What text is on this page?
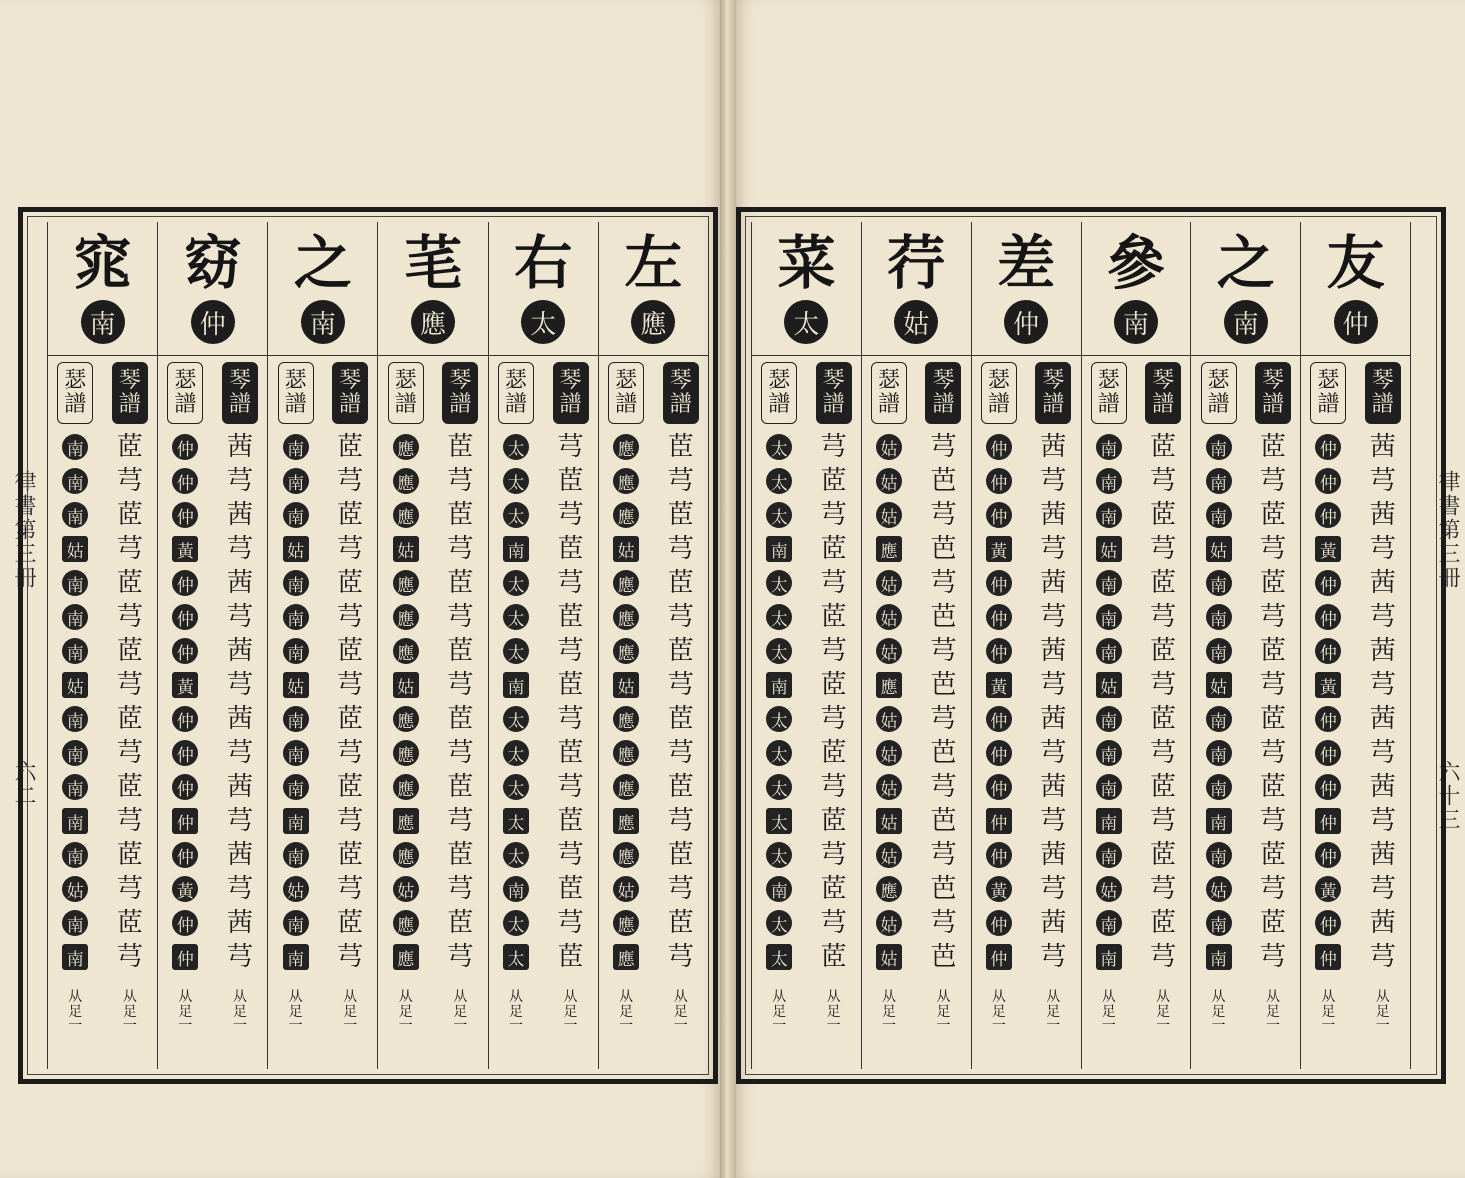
律書第三冊
六二
律書第三冊
六十三
左
應
琴
譜
茞
芎
茞
芎
茞
芎
茞
芎
茞
芎
茞
芎
茞
芎
茞
芎
从
足
一
瑟
譜
應
應
應
姑
應
應
應
姑
應
應
應
應
應
姑
應
應
从
足
一
右
太
琴
譜
芎
茞
芎
茞
芎
茞
芎
茞
芎
茞
芎
茞
芎
茞
芎
茞
从
足
一
瑟
譜
太
太
太
南
太
太
太
南
太
太
太
太
太
南
太
太
从
足
一
芼
應
琴
譜
茞
芎
茞
芎
茞
芎
茞
芎
茞
芎
茞
芎
茞
芎
茞
芎
从
足
一
瑟
譜
應
應
應
姑
應
應
應
姑
應
應
應
應
應
姑
應
應
从
足
一
之
南
琴
譜
茝
芎
茝
芎
茝
芎
茝
芎
茝
芎
茝
芎
茝
芎
茝
芎
从
足
一
瑟
譜
南
南
南
姑
南
南
南
姑
南
南
南
南
南
姑
南
南
从
足
一
窈
仲
琴
譜
茜
芎
茜
芎
茜
芎
茜
芎
茜
芎
茜
芎
茜
芎
茜
芎
从
足
一
瑟
譜
仲
仲
仲
黃
仲
仲
仲
黃
仲
仲
仲
仲
仲
黃
仲
仲
从
足
一
窕
南
琴
譜
茝
芎
茝
芎
茝
芎
茝
芎
茝
芎
茝
芎
茝
芎
茝
芎
从
足
一
瑟
譜
南
南
南
姑
南
南
南
姑
南
南
南
南
南
姑
南
南
从
足
一
友
仲
琴
譜
茜
芎
茜
芎
茜
芎
茜
芎
茜
芎
茜
芎
茜
芎
茜
芎
从
足
一
瑟
譜
仲
仲
仲
黃
仲
仲
仲
黃
仲
仲
仲
仲
仲
黃
仲
仲
从
足
一
之
南
琴
譜
茝
芎
茝
芎
茝
芎
茝
芎
茝
芎
茝
芎
茝
芎
茝
芎
从
足
一
瑟
譜
南
南
南
姑
南
南
南
姑
南
南
南
南
南
姑
南
南
从
足
一
參
南
琴
譜
茝
芎
茝
芎
茝
芎
茝
芎
茝
芎
茝
芎
茝
芎
茝
芎
从
足
一
瑟
譜
南
南
南
姑
南
南
南
姑
南
南
南
南
南
姑
南
南
从
足
一
差
仲
琴
譜
茜
芎
茜
芎
茜
芎
茜
芎
茜
芎
茜
芎
茜
芎
茜
芎
从
足
一
瑟
譜
仲
仲
仲
黃
仲
仲
仲
黃
仲
仲
仲
仲
仲
黃
仲
仲
从
足
一
荇
姑
琴
譜
芎
芭
芎
芭
芎
芭
芎
芭
芎
芭
芎
芭
芎
芭
芎
芭
从
足
一
瑟
譜
姑
姑
姑
應
姑
姑
姑
應
姑
姑
姑
姑
姑
應
姑
姑
从
足
一
菜
太
琴
譜
芎
茝
芎
茝
芎
茝
芎
茝
芎
茝
芎
茝
芎
茝
芎
茝
从
足
一
瑟
譜
太
太
太
南
太
太
太
南
太
太
太
太
太
南
太
太
从
足
一
